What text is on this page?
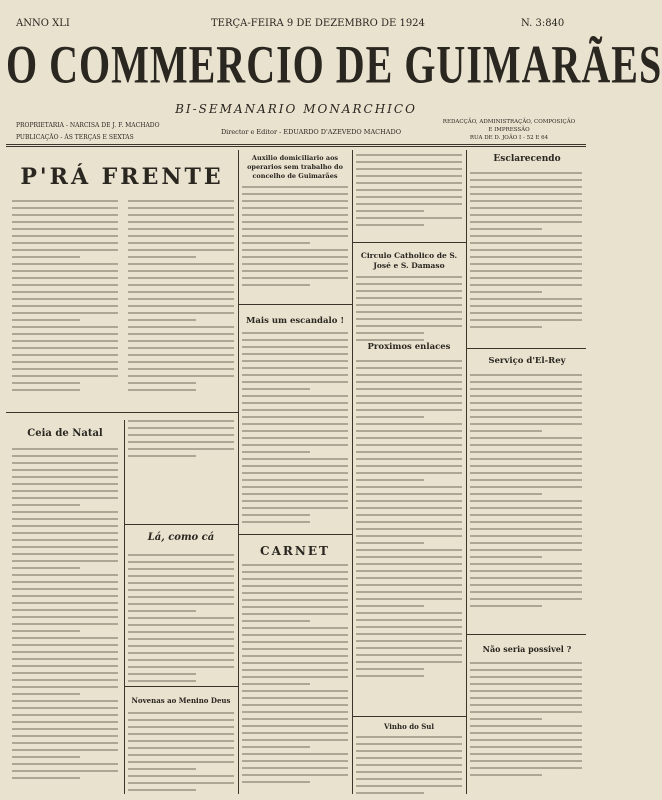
ANNO XLI	TERÇA-FEIRA 9 DE DEZEMBRO DE 1924	N. 3:840
O COMMERCIO DE GUIMARÃES
BI-SEMANARIO MONARCHICO
PROPRIETARIA - NARCISA DE J. F. MACHADO
PUBLICAÇÃO - ÁS TERÇAS E SEXTAS
Director e Editor - EDUARDO D'AZEVEDO MACHADO
REDACÇÃO, ADMINISTRAÇÃO, COMPOSIÇÃO
E IMPRESSÃO
RUA DE D. JOÃO I - 52 E 64
P'RÁ FRENTE
Auxilio domiciliario aos operarios sem trabalho do concelho de Guimarães
Circulo Catholico de S. José e S. Damaso
Esclarecendo
Mais um escandalo !
Proximos enlaces
Serviço d'El-Rey
Ceia de Natal
Lá, como cá
CARNET
Vinho do Sul
Novenas ao Menino Deus
Não seria possivel ?
